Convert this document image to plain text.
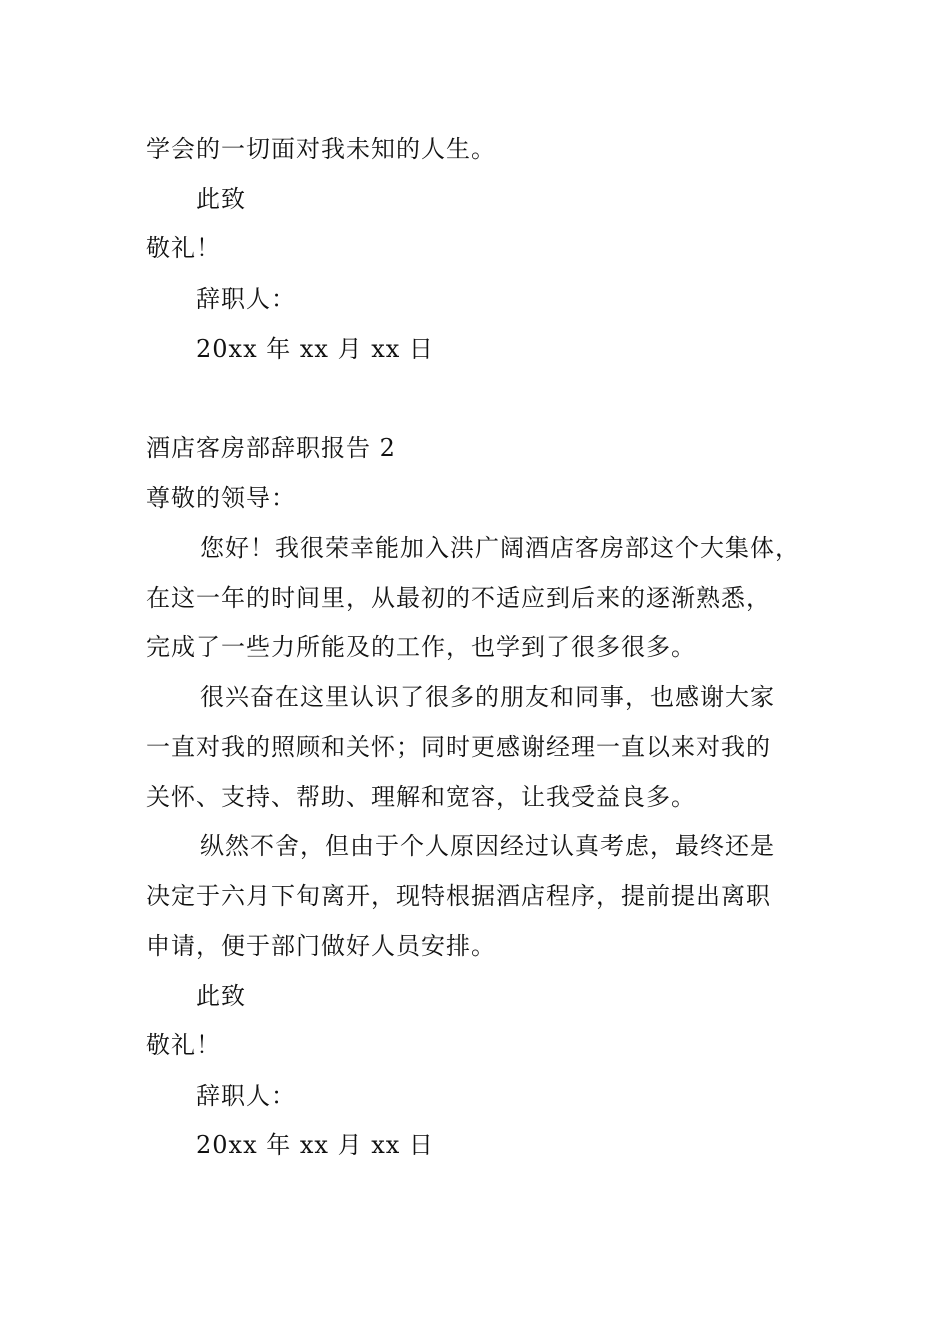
学会的一切面对我未知的人生。
此致
敬礼！
辞职人：
20xx 年 xx 月 xx 日
酒店客房部辞职报告 2
尊敬的领导：
您好！我很荣幸能加入洪广阔酒店客房部这个大集体，
在这一年的时间里，从最初的不适应到后来的逐渐熟悉，
完成了一些力所能及的工作，也学到了很多很多。
很兴奋在这里认识了很多的朋友和同事，也感谢大家
一直对我的照顾和关怀；同时更感谢经理一直以来对我的
关怀、支持、帮助、理解和宽容，让我受益良多。
纵然不舍，但由于个人原因经过认真考虑，最终还是
决定于六月下旬离开，现特根据酒店程序，提前提出离职
申请，便于部门做好人员安排。
此致
敬礼！
辞职人：
20xx 年 xx 月 xx 日
